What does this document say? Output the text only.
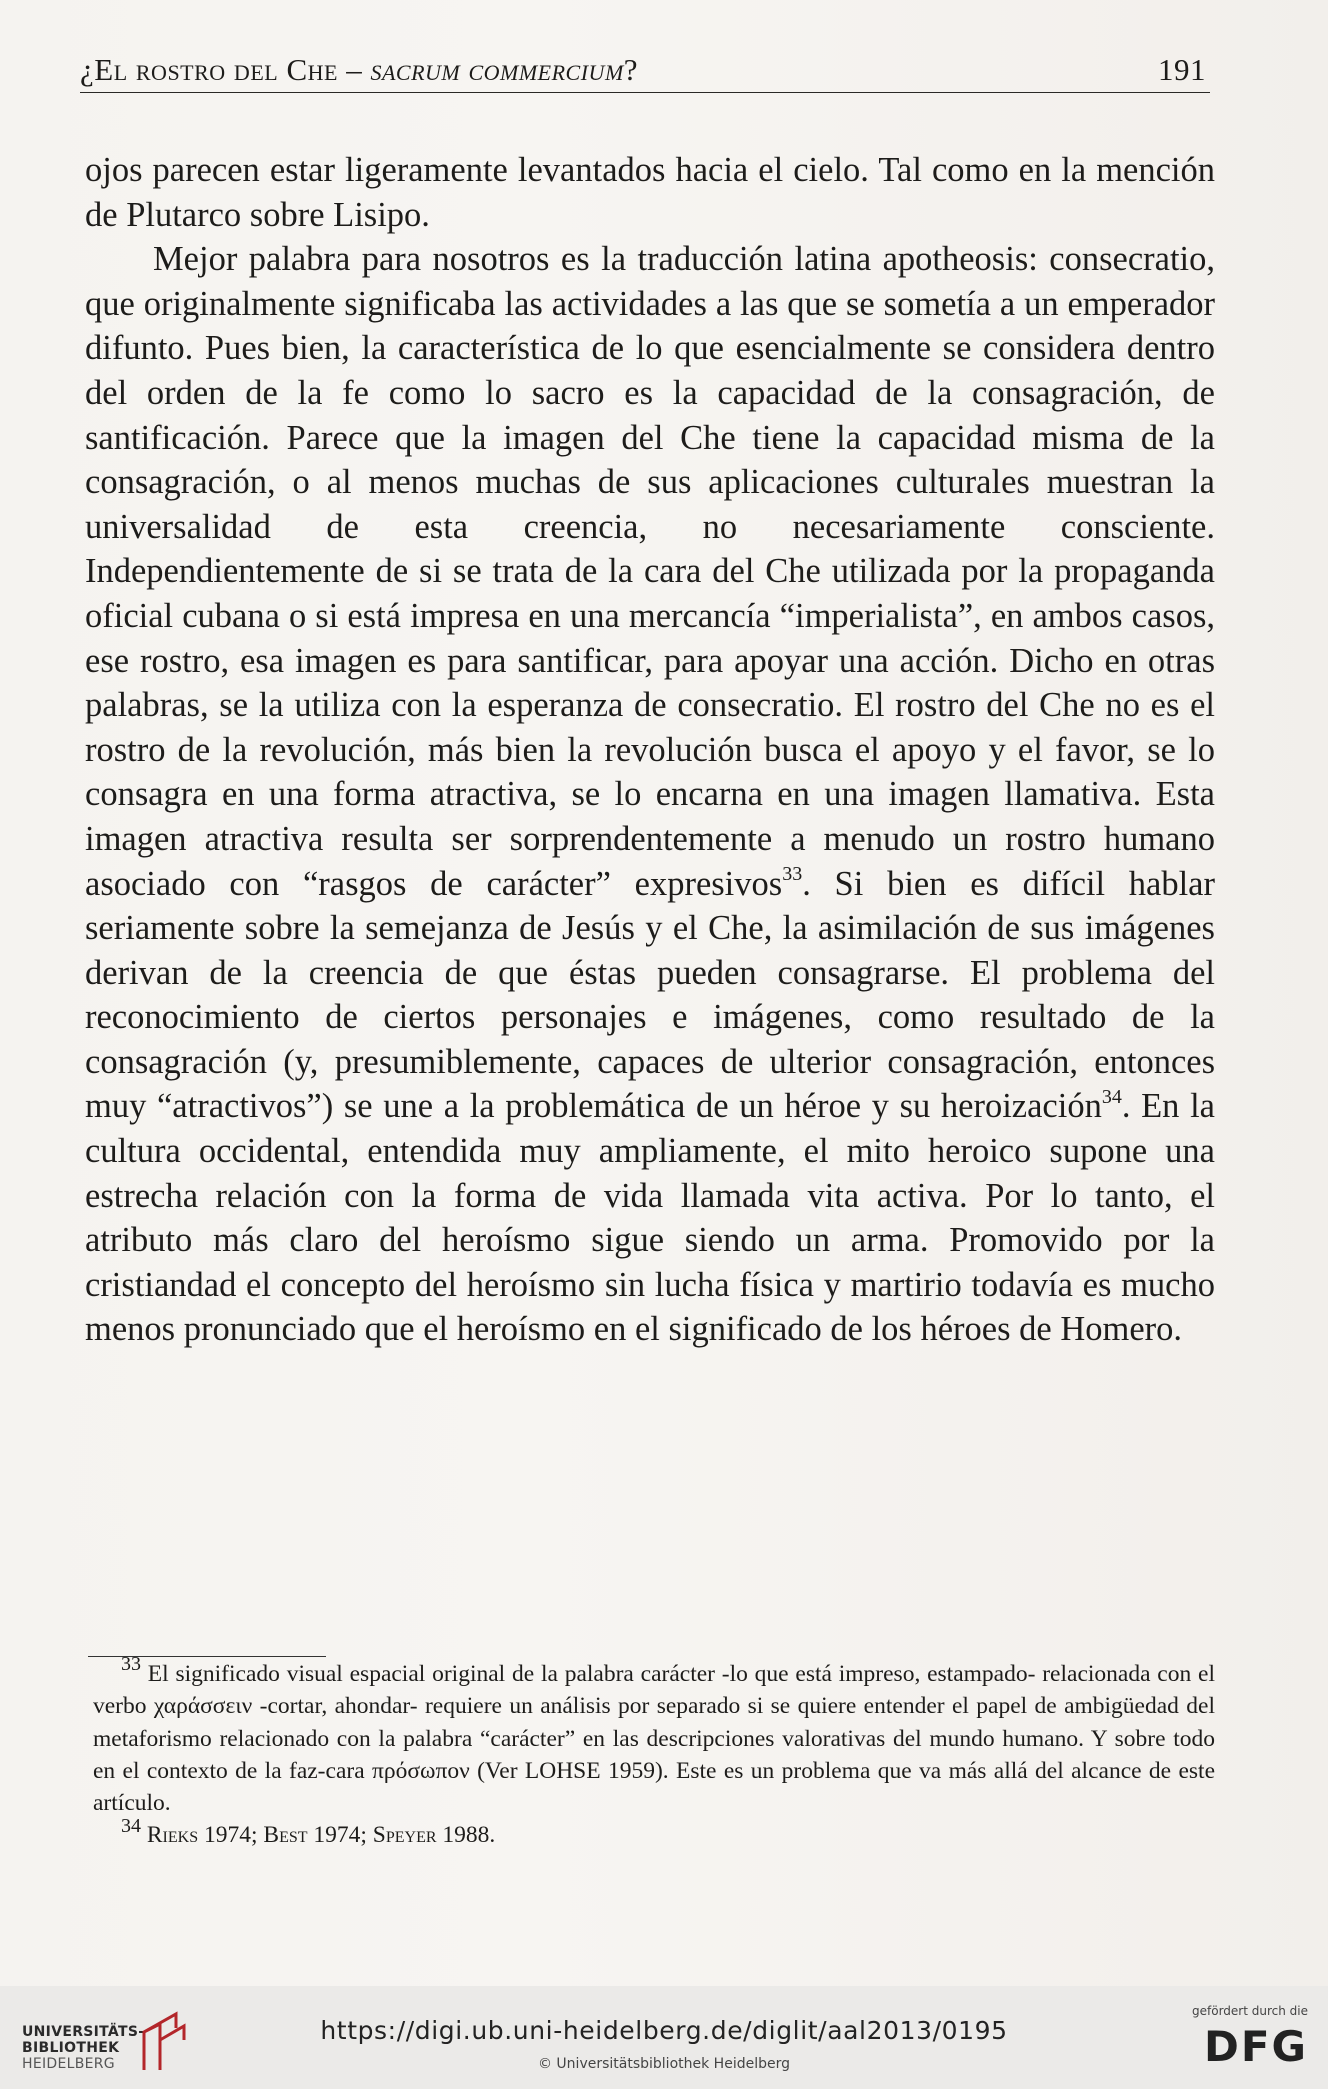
¿El rostro del Che – sacrum commercium?	191

ojos parecen estar ligeramente levantados hacia el cielo. Tal como en la mención de Plutarco sobre Lisipo.

Mejor palabra para nosotros es la traducción latina apotheosis: consecratio, que originalmente significaba las actividades a las que se sometía a un emperador difunto. Pues bien, la característica de lo que esencialmente se considera dentro del orden de la fe como lo sacro es la capacidad de la consagración, de santificación. Parece que la imagen del Che tiene la capacidad misma de la consagración, o al menos muchas de sus aplicaciones culturales muestran la universalidad de esta creencia, no necesariamente consciente. Independientemente de si se trata de la cara del Che utilizada por la propaganda oficial cubana o si está impresa en una mercancía “imperialista”, en ambos casos, ese rostro, esa imagen es para santificar, para apoyar una acción. Dicho en otras palabras, se la utiliza con la esperanza de consecratio. El rostro del Che no es el rostro de la revolución, más bien la revolución busca el apoyo y el favor, se lo consagra en una forma atractiva, se lo encarna en una imagen llamativa. Esta imagen atractiva resulta ser sorprendentemente a menudo un rostro humano asociado con “rasgos de carácter” expresivos$^{33}$. Si bien es difícil hablar seriamente sobre la semejanza de Jesús y el Che, la asimilación de sus imágenes derivan de la creencia de que éstas pueden consagrarse. El problema del reconocimiento de ciertos personajes e imágenes, como resultado de la consagración (y, presumiblemente, capaces de ulterior consagración, entonces muy “atractivos”) se une a la problemática de un héroe y su heroización$^{34}$. En la cultura occidental, entendida muy ampliamente, el mito heroico supone una estrecha relación con la forma de vida llamada vita activa. Por lo tanto, el atributo más claro del heroísmo sigue siendo un arma. Promovido por la cristiandad el concepto del heroísmo sin lucha física y martirio todavía es mucho menos pronunciado que el heroísmo en el significado de los héroes de Homero.

$^{33}$ El significado visual espacial original de la palabra carácter -lo que está impreso, estampado- relacionada con el verbo χαράσσειν -cortar, ahondar- requiere un análisis por separado si se quiere entender el papel de ambigüedad del metaforismo relacionado con la palabra “carácter” en las descripciones valorativas del mundo humano. Y sobre todo en el contexto de la faz-cara πρόσωπον (Ver LOHSE 1959). Este es un problema que va más allá del alcance de este artículo.

$^{34}$ Rieks 1974; Best 1974; Speyer 1988.

UNIVERSITÄTS-
BIBLIOTHEK
HEIDELBERG
https://digi.ub.uni-heidelberg.de/diglit/aal2013/0195
© Universitätsbibliothek Heidelberg
gefördert durch die
DFG
